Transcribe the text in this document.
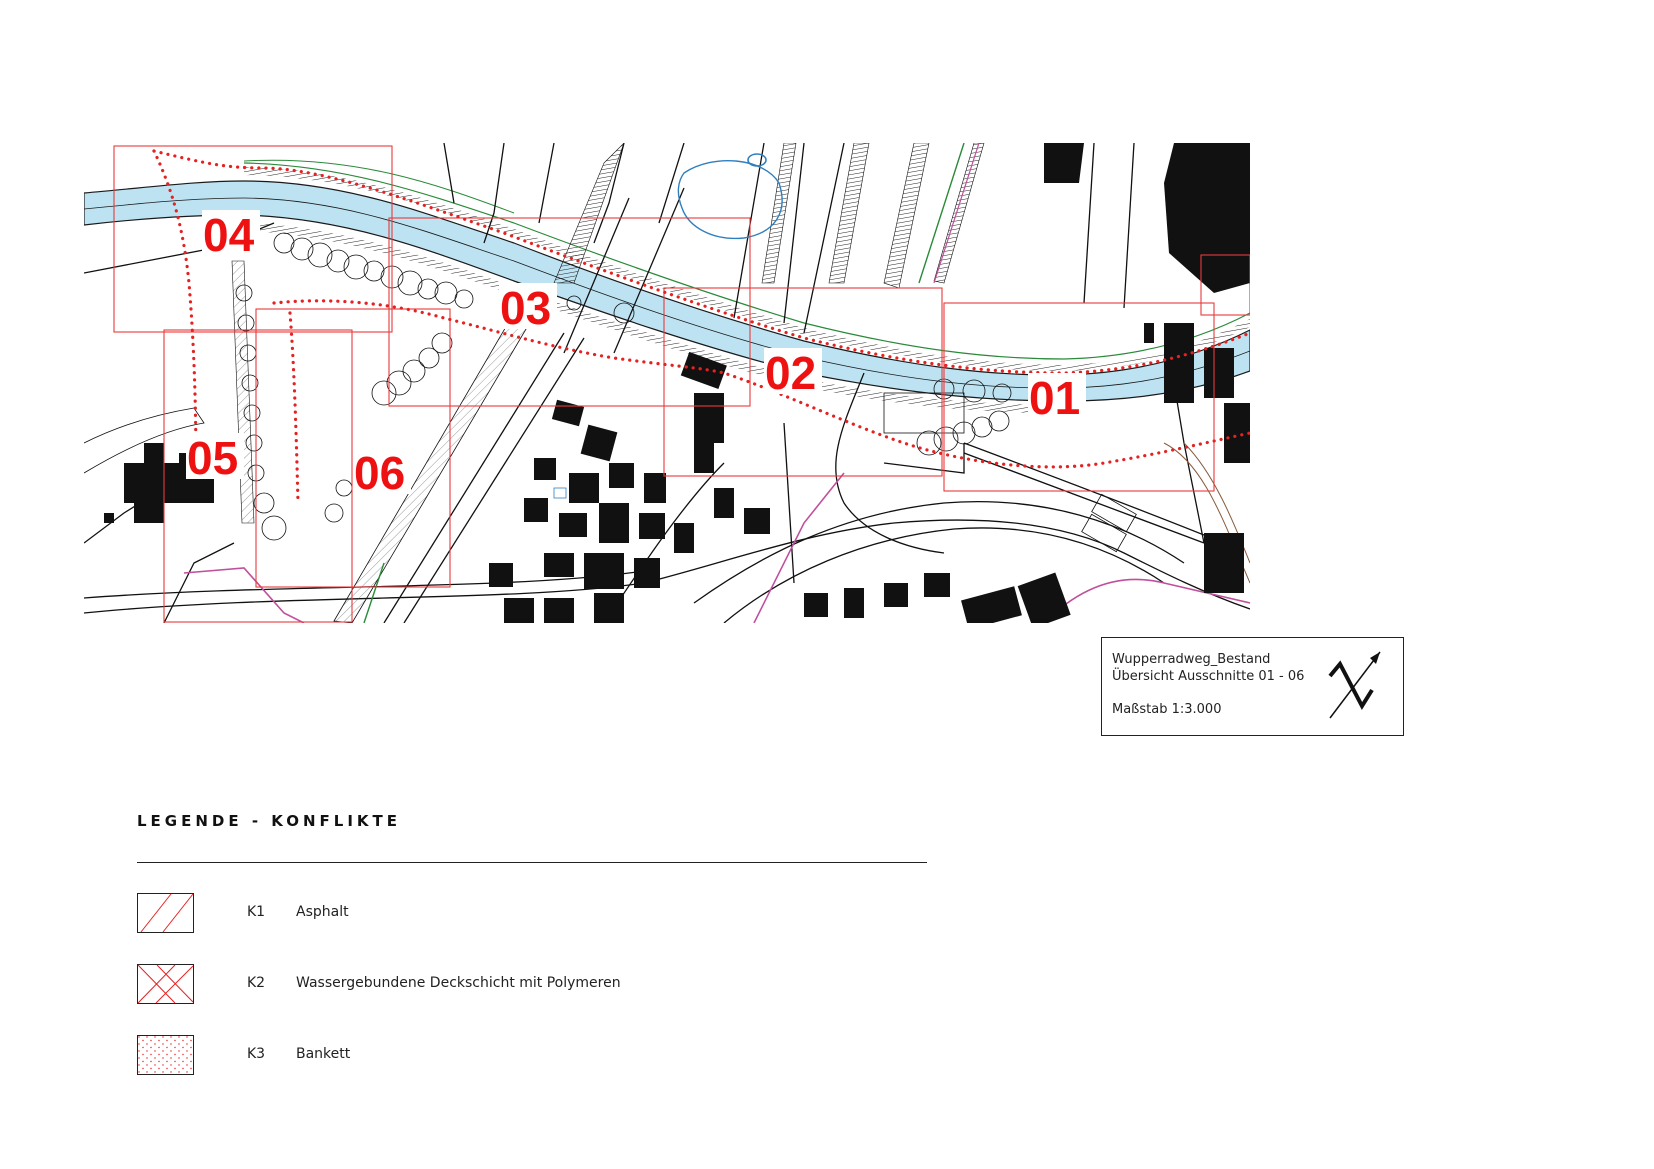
04
03
02	01
05	06
Wupperradweg_Bestand
Übersicht Ausschnitte 01 - 06
Maßstab 1:3.000
LEGENDE - KONFLIKTE
K1 Asphalt
K2 Wassergebundene Deckschicht mit Polymeren
K3 Bankett
